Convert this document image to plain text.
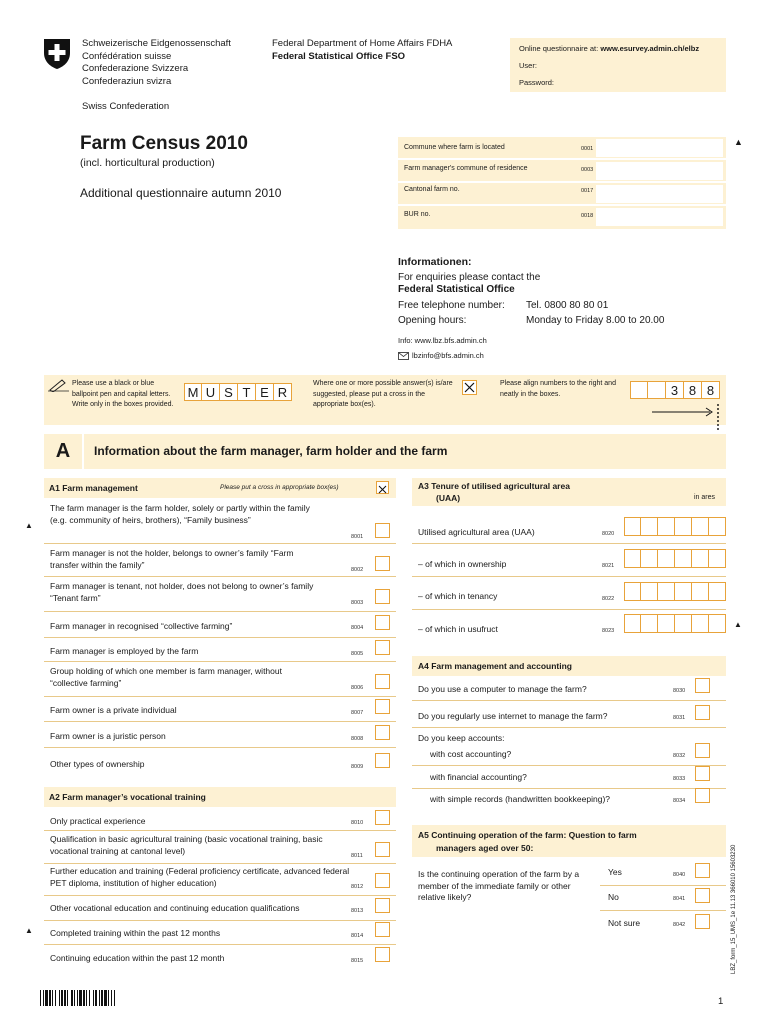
Schweizerische Eidgenossenschaft
Confédération suisse
Confederazione Svizzera
Confederaziun svizra
Swiss Confederation
Federal Department of Home Affairs FDHA
Federal Statistical Office FSO
Online questionnaire at: www.esurvey.admin.ch/elbz
User:
Password:
Farm Census 2010
(incl. horticultural production)
Additional questionnaire autumn 2010
▲
Commune where farm is located	0001
Farm manager's commune of residence	0003
Cantonal farm no.	0017
BUR no.	0018
Informationen:
For enquiries please contact the
Federal Statistical Office
Free telephone number: Tel. 0800 80 80 01
Opening hours:	Monday to Friday 8.00 to 20.00
Info: www.lbz.bfs.admin.ch
lbzinfo@bfs.admin.ch
Please use a black or blue ballpoint pen and capital letters. Write only in the boxes provided.
M U S T E R
Where one or more possible answer(s) is/are suggested, please put a cross in the appropriate box(es).
Please align numbers to the right and neatly in the boxes.	3 8 8
A	Information about the farm manager, farm holder and the farm
A1 Farm management	Please put a cross in appropriate box(es)
▲
The farm manager is the farm holder, solely or partly within the family (e.g. community of heirs, brothers), “Family business”
8001
Farm manager is not the holder, belongs to owner’s family “Farm transfer within the family”
8002
Farm manager is tenant, not holder, does not belong to owner’s family “Tenant farm”
8003
Farm manager in recognised “collective farming”	8004
Farm manager is employed by the farm	8005
Group holding of which one member is farm manager, without “collective farming”
8006
Farm owner is a private individual	8007
Farm owner is a juristic person	8008
Other types of ownership	8009
A2 Farm manager’s vocational training
Only practical experience	8010
Qualification in basic agricultural training (basic vocational training, basic vocational training at cantonal level)
8011
Further education and training (Federal proficiency certificate, advanced federal PET diploma, institution of higher education)	8012
Other vocational education and continuing education qualifications	8013
▲ Completed training within the past 12 months	8014
Continuing education within the past 12 month	8015
A3 Tenure of utilised agricultural area
(UAA)	in ares
Utilised agricultural area (UAA)	8020
– of which in ownership	8021
– of which in tenancy	8022
– of which in usufruct	8023
▲
A4 Farm management and accounting
Do you use a computer to manage the farm?	8030
Do you regularly use internet to manage the farm?	8031
Do you keep accounts:
with cost accounting?	8032
with financial accounting?	8033
with simple records (handwritten bookkeeping)?	8034
A5 Continuing operation of the farm: Question to farm
managers aged over 50:
Is the continuing operation of the farm by a member of the immediate family or other relative likely?
Yes	8040
No	8041
Not sure	8042	LBZ_form_15_UMS_1e 11.13 366010 15603230
1
